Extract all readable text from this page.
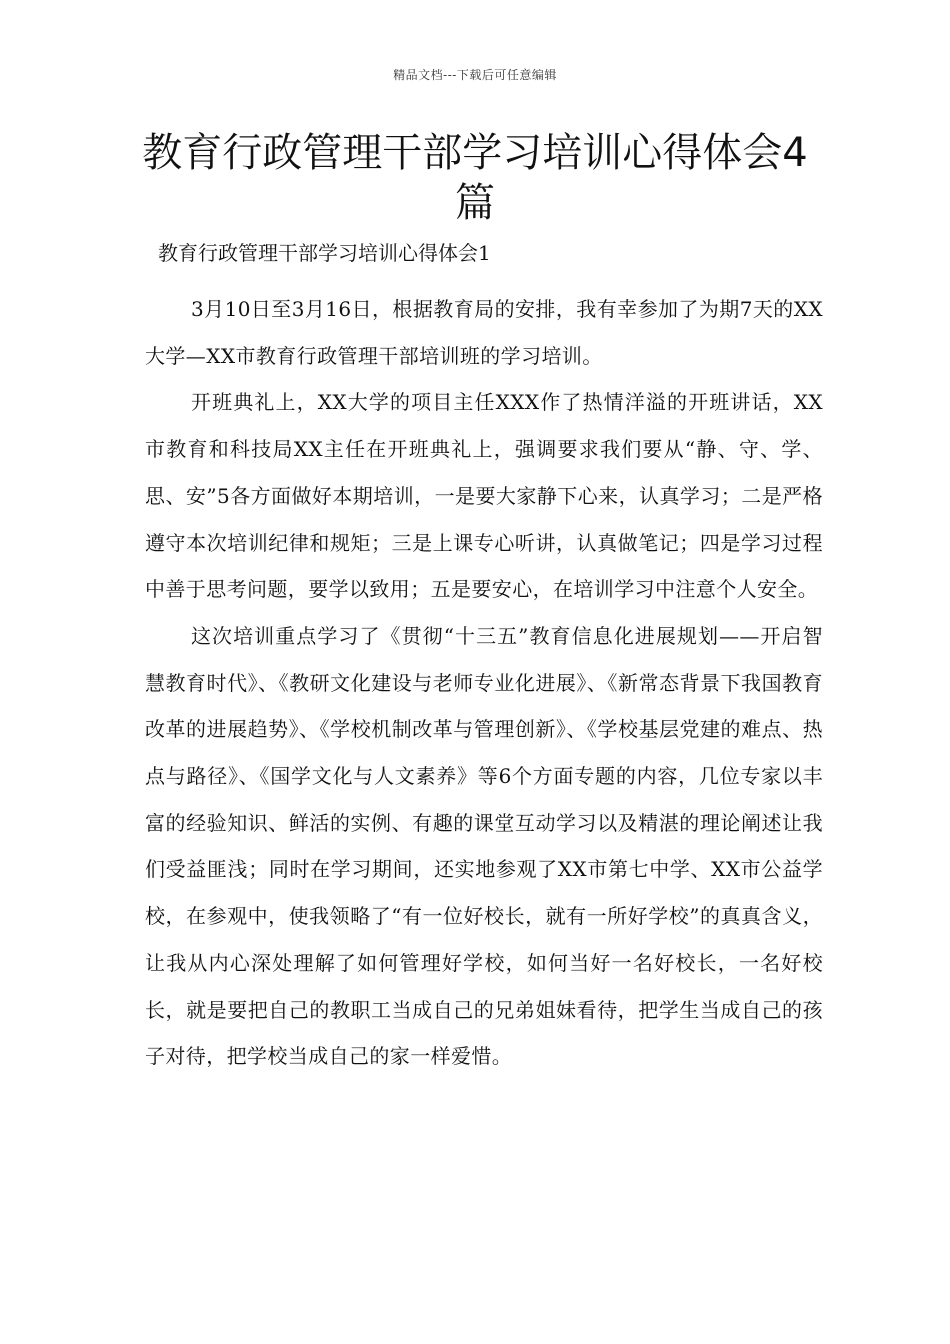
精品文档---下载后可任意编辑
教育行政管理干部学习培训心得体会4篇
教育行政管理干部学习培训心得体会1

3月10日至3月16日，根据教育局的安排，我有幸参加了为期7天的XX大学—XX市教育行政管理干部培训班的学习培训。

开班典礼上，XX大学的项目主任XXX作了热情洋溢的开班讲话，XX市教育和科技局XX主任在开班典礼上，强调要求我们要从“静、守、学、思、安”5各方面做好本期培训，一是要大家静下心来，认真学习；二是严格遵守本次培训纪律和规矩；三是上课专心听讲，认真做笔记；四是学习过程中善于思考问题，要学以致用；五是要安心，在培训学习中注意个人安全。

这次培训重点学习了《贯彻“十三五”教育信息化进展规划——开启智慧教育时代》、《教研文化建设与老师专业化进展》、《新常态背景下我国教育改革的进展趋势》、《学校机制改革与管理创新》、《学校基层党建的难点、热点与路径》、《国学文化与人文素养》等6个方面专题的内容，几位专家以丰富的经验知识、鲜活的实例、有趣的课堂互动学习以及精湛的理论阐述让我们受益匪浅；同时在学习期间，还实地参观了XX市第七中学、XX市公益学校，在参观中，使我领略了“有一位好校长，就有一所好学校”的真真含义，让我从内心深处理解了如何管理好学校，如何当好一名好校长，一名好校长，就是要把自己的教职工当成自己的兄弟姐妹看待，把学生当成自己的孩子对待，把学校当成自己的家一样爱惜。
